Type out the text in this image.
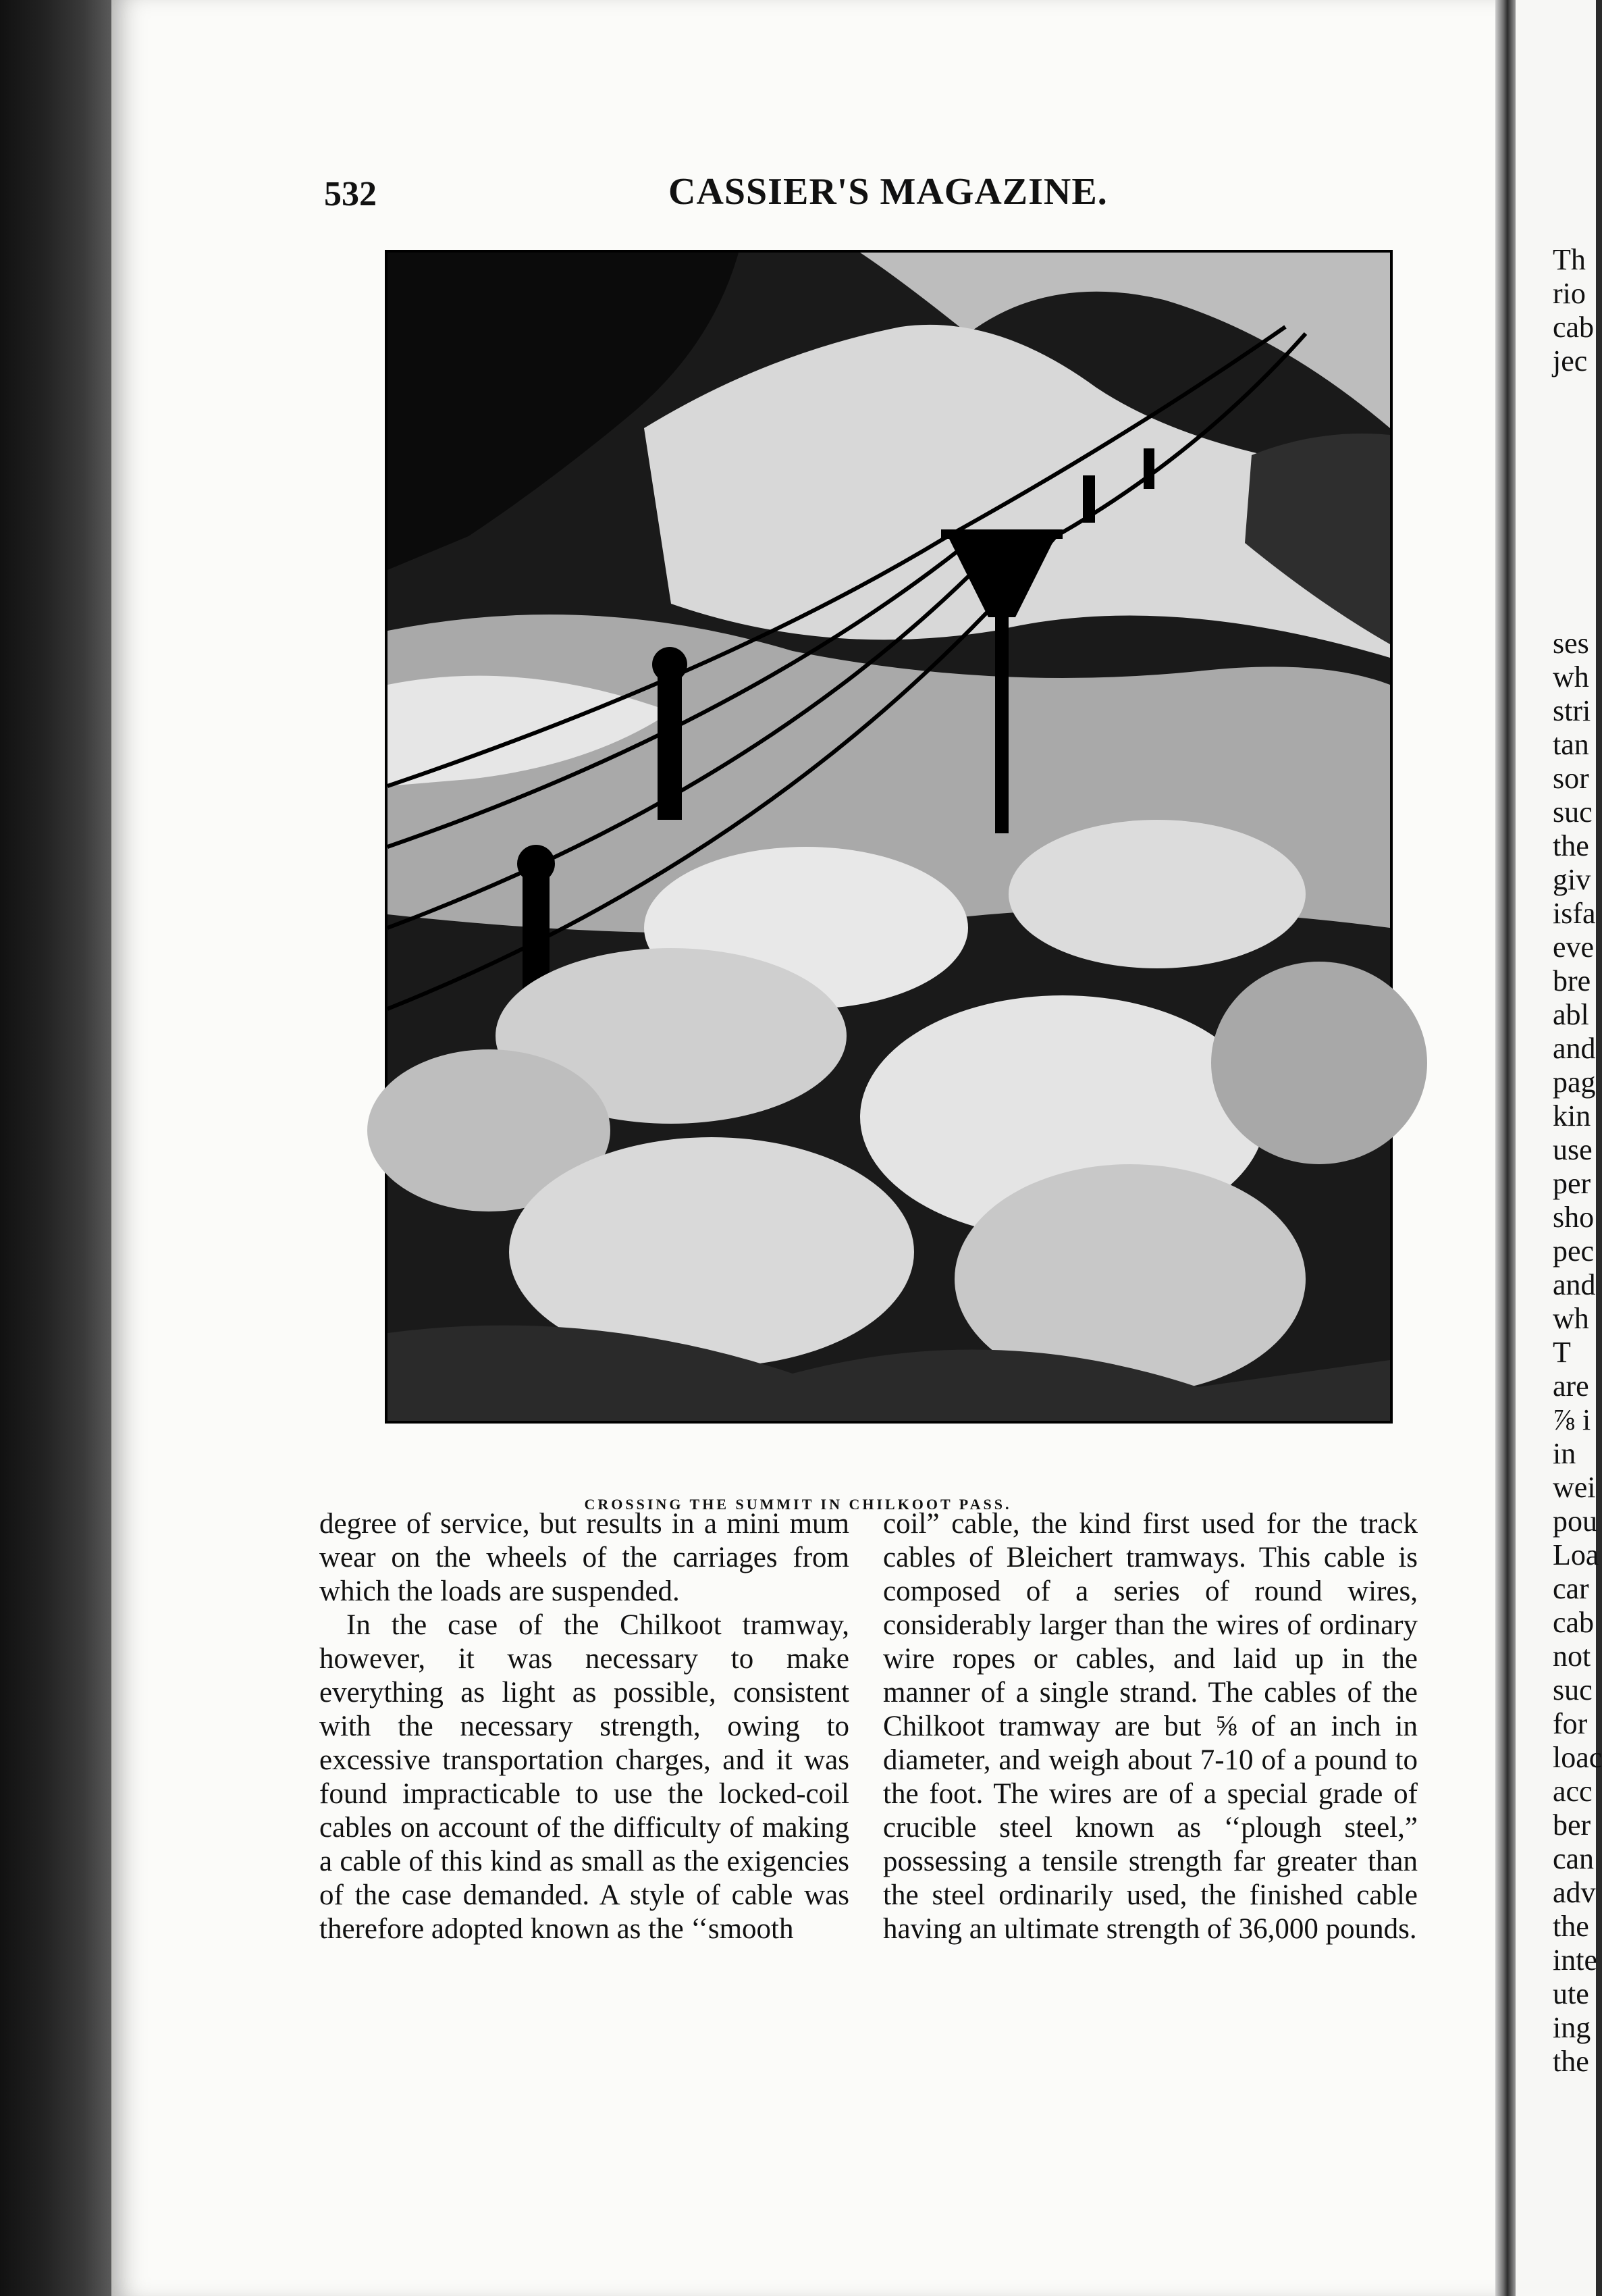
532	CASSIER'S MAGAZINE.
CROSSING THE SUMMIT IN CHILKOOT PASS.

degree of service, but results in a mini mum wear on the wheels of the carriages from which the loads are suspended.

In the case of the Chilkoot tramway, however, it was necessary to make everything as light as possible, consistent with the necessary strength, owing to excessive transportation charges, and it was found impracticable to use the locked-coil cables on account of the difficulty of making a cable of this kind as small as the exigencies of the case demanded. A style of cable was therefore adopted known as the ‘‘smooth

coil” cable, the kind first used for the track cables of Bleichert tramways. This cable is composed of a series of round wires, considerably larger than the wires of ordinary wire ropes or cables, and laid up in the manner of a single strand. The cables of the Chilkoot tramway are but ⅝ of an inch in diameter, and weigh about 7-10 of a pound to the foot. The wires are of a special grade of crucible steel known as ‘‘plough steel,” possessing a tensile strength far greater than the steel ordinarily used, the finished cable having an ultimate strength of 36,000 pounds.

Th
rio
cab
jec
ses
wh
stri
tan
sor
suc
the
giv
isfa
eve
bre
abl
and
pag
kin
use
per
sho
pec
and
wh
T
are
⅞ i
in
wei
pou
Loa
car
cab
not
suc
for
loac
acc
ber
can
adv
the
inte
ute
ing
the
